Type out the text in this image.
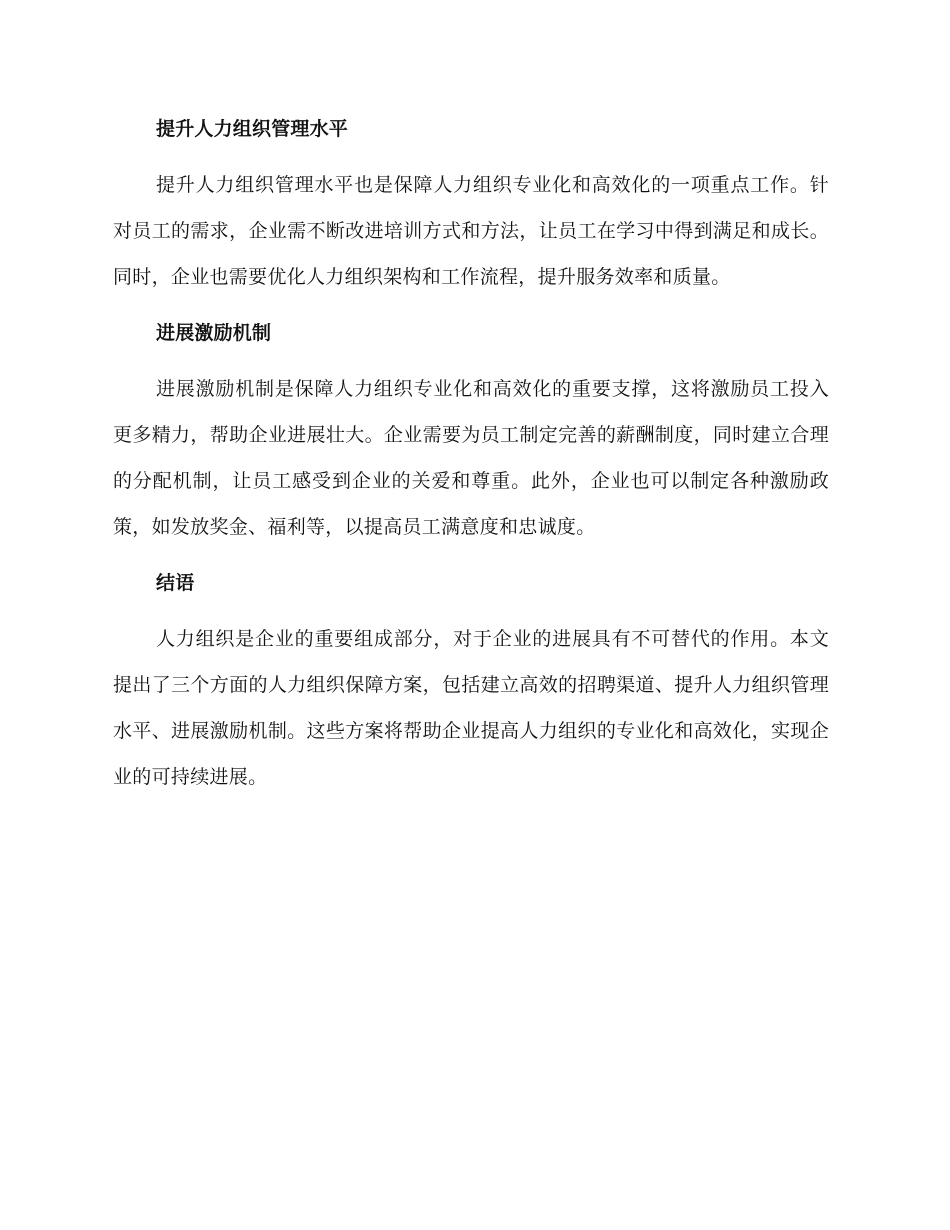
提升人力组织管理水平

提升人力组织管理水平也是保障人力组织专业化和高效化的一项重点工作。针对员工的需求，企业需不断改进培训方式和方法，让员工在学习中得到满足和成长。同时，企业也需要优化人力组织架构和工作流程，提升服务效率和质量。

进展激励机制

进展激励机制是保障人力组织专业化和高效化的重要支撑，这将激励员工投入更多精力，帮助企业进展壮大。企业需要为员工制定完善的薪酬制度，同时建立合理的分配机制，让员工感受到企业的关爱和尊重。此外，企业也可以制定各种激励政策，如发放奖金、福利等，以提高员工满意度和忠诚度。

结语

人力组织是企业的重要组成部分，对于企业的进展具有不可替代的作用。本文提出了三个方面的人力组织保障方案，包括建立高效的招聘渠道、提升人力组织管理水平、进展激励机制。这些方案将帮助企业提高人力组织的专业化和高效化，实现企业的可持续进展。
